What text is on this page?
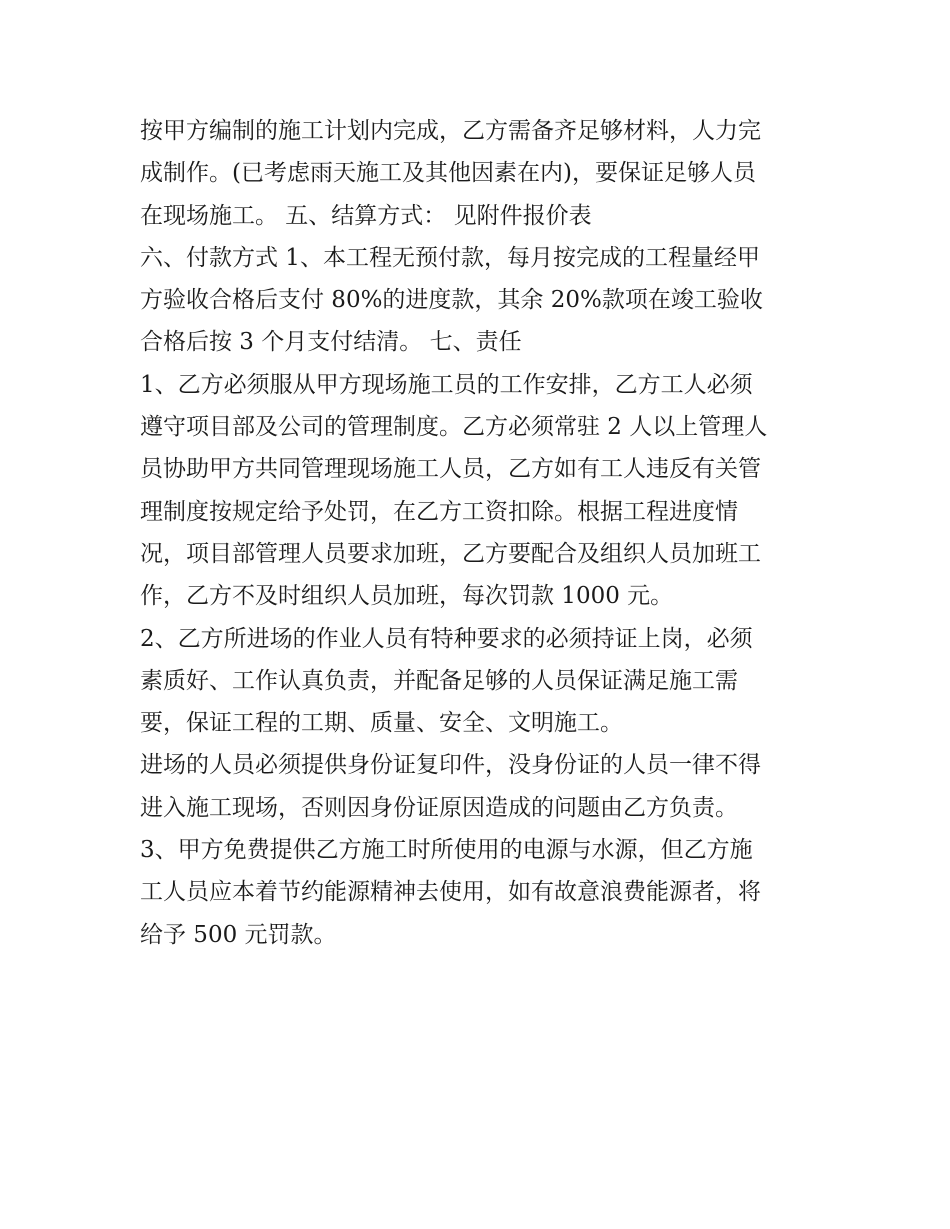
按甲方编制的施工计划内完成，乙方需备齐足够材料，人力完
成制作。(已考虑雨天施工及其他因素在内)，要保证足够人员
在现场施工。 五、结算方式： 见附件报价表
六、付款方式 1、本工程无预付款，每月按完成的工程量经甲
方验收合格后支付 80%的进度款，其余 20%款项在竣工验收
合格后按 3 个月支付结清。 七、责任
1、乙方必须服从甲方现场施工员的工作安排，乙方工人必须
遵守项目部及公司的管理制度。乙方必须常驻 2 人以上管理人
员协助甲方共同管理现场施工人员，乙方如有工人违反有关管
理制度按规定给予处罚，在乙方工资扣除。根据工程进度情
况，项目部管理人员要求加班，乙方要配合及组织人员加班工
作，乙方不及时组织人员加班，每次罚款 1000 元。
2、乙方所进场的作业人员有特种要求的必须持证上岗，必须
素质好、工作认真负责，并配备足够的人员保证满足施工需
要，保证工程的工期、质量、安全、文明施工。
进场的人员必须提供身份证复印件，没身份证的人员一律不得
进入施工现场，否则因身份证原因造成的问题由乙方负责。
3、甲方免费提供乙方施工时所使用的电源与水源，但乙方施
工人员应本着节约能源精神去使用，如有故意浪费能源者，将
给予 500 元罚款。
